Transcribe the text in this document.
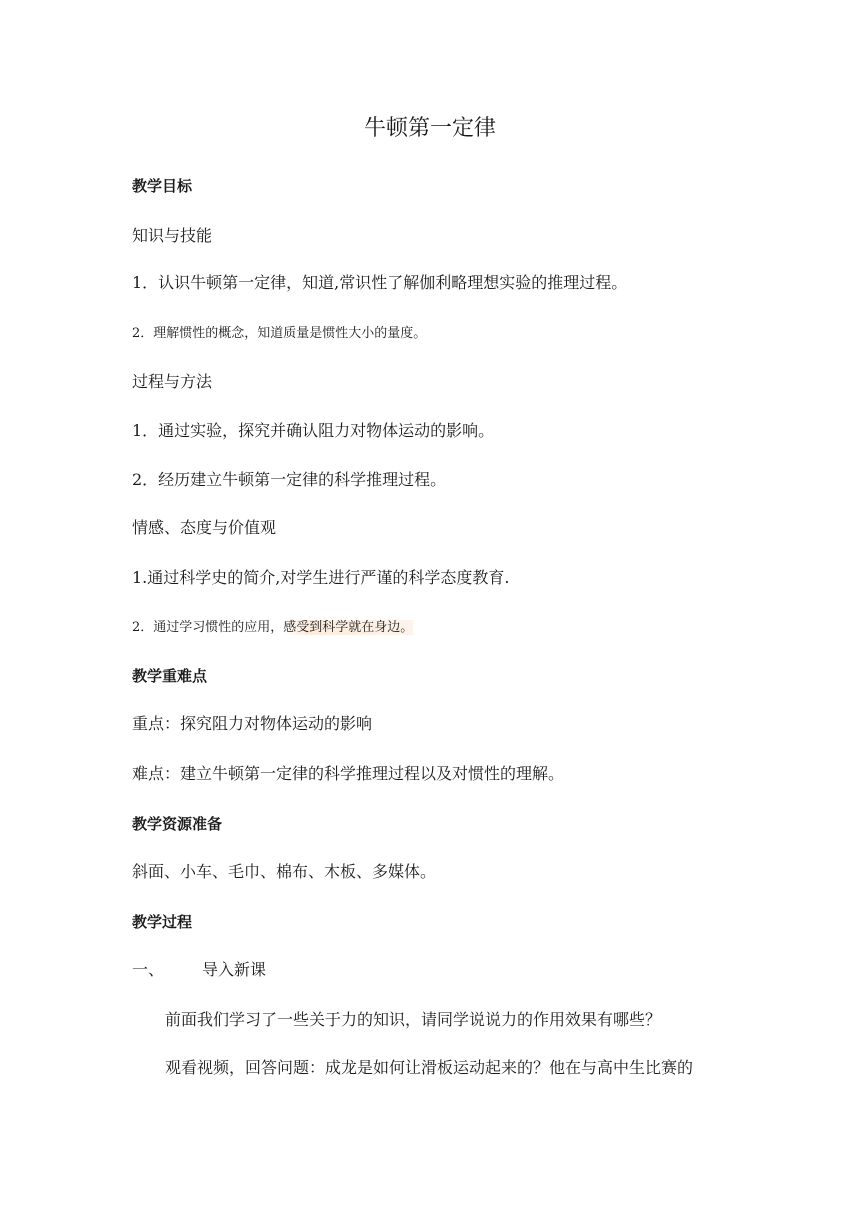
牛顿第一定律
教学目标
知识与技能
1．认识牛顿第一定律，知道,常识性了解伽利略理想实验的推理过程。
2．理解惯性的概念，知道质量是惯性大小的量度。
过程与方法
1．通过实验，探究并确认阻力对物体运动的影响。
2．经历建立牛顿第一定律的科学推理过程。
情感、态度与价值观
1.通过科学史的简介,对学生进行严谨的科学态度教育.
2．通过学习惯性的应用，感受到科学就在身边。
教学重难点
重点：探究阻力对物体运动的影响
难点：建立牛顿第一定律的科学推理过程以及对惯性的理解。
教学资源准备
斜面、小车、毛巾、棉布、木板、多媒体。
教学过程
一、 导入新课
前面我们学习了一些关于力的知识，请同学说说力的作用效果有哪些？
观看视频，回答问题：成龙是如何让滑板运动起来的？他在与高中生比赛的
